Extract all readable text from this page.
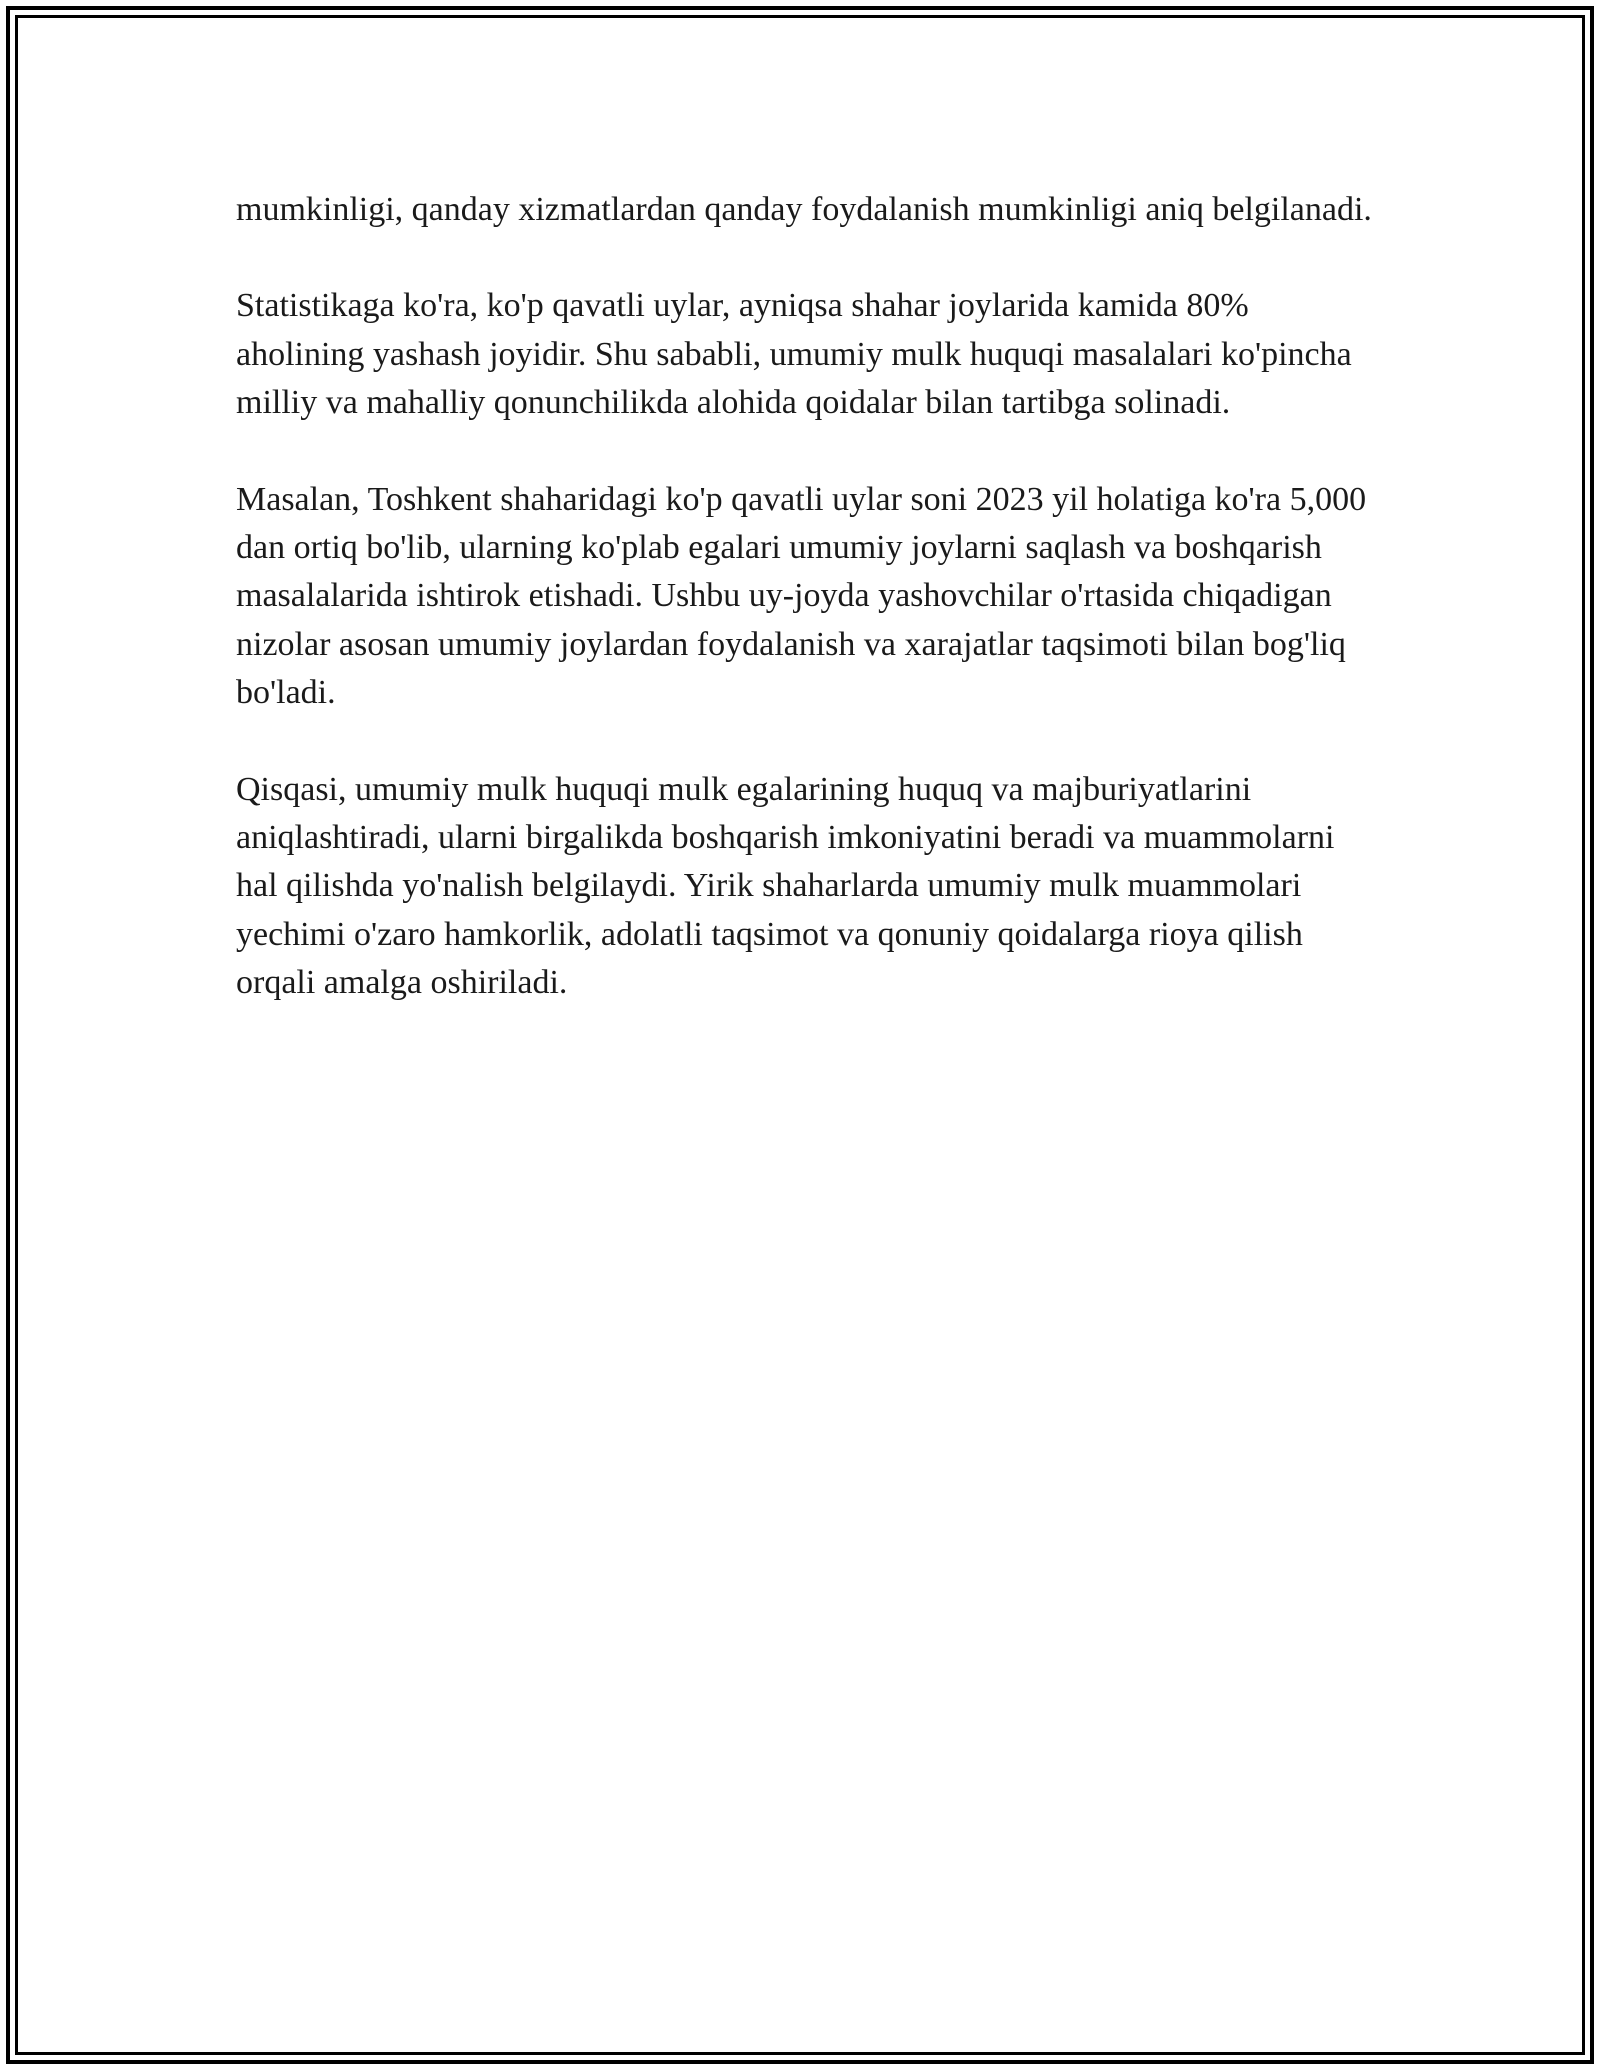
mumkinligi, qanday xizmatlardan qanday foydalanish mumkinligi aniq belgilanadi.

Statistikaga ko'ra, ko'p qavatli uylar, ayniqsa shahar joylarida kamida 80% aholining yashash joyidir. Shu sababli, umumiy mulk huquqi masalalari ko'pincha milliy va mahalliy qonunchilikda alohida qoidalar bilan tartibga solinadi.

Masalan, Toshkent shaharidagi ko'p qavatli uylar soni 2023 yil holatiga ko'ra 5,000 dan ortiq bo'lib, ularning ko'plab egalari umumiy joylarni saqlash va boshqarish masalalarida ishtirok etishadi. Ushbu uy-joyda yashovchilar o'rtasida chiqadigan nizolar asosan umumiy joylardan foydalanish va xarajatlar taqsimoti bilan bog'liq bo'ladi.

Qisqasi, umumiy mulk huquqi mulk egalarining huquq va majburiyatlarini aniqlashtiradi, ularni birgalikda boshqarish imkoniyatini beradi va muammolarni hal qilishda yo'nalish belgilaydi. Yirik shaharlarda umumiy mulk muammolari yechimi o'zaro hamkorlik, adolatli taqsimot va qonuniy qoidalarga rioya qilish orqali amalga oshiriladi.
